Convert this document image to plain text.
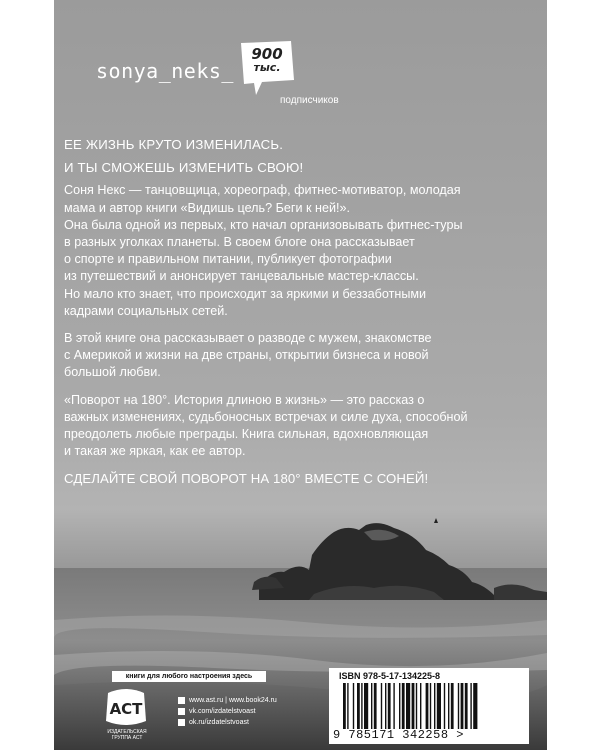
sonya_neks_
900
тыс.
подписчиков

ЕЕ ЖИЗНЬ КРУТО ИЗМЕНИЛАСЬ.

И ТЫ СМОЖЕШЬ ИЗМЕНИТЬ СВОЮ!

Соня Некс — танцовщица, хореограф, фитнес-мотиватор, молодая
мама и автор книги «Видишь цель? Беги к ней!».
Она была одной из первых, кто начал организовывать фитнес-туры
в разных уголках планеты. В своем блоге она рассказывает
о спорте и правильном питании, публикует фотографии
из путешествий и анонсирует танцевальные мастер-классы.
Но мало кто знает, что происходит за яркими и беззаботными
кадрами социальных сетей.

В этой книге она рассказывает о разводе с мужем, знакомстве
с Америкой и жизни на две страны, открытии бизнеса и новой
большой любви.

«Поворот на 180°. История длиною в жизнь» — это рассказ о
важных изменениях, судьбоносных встречах и силе духа, способной
преодолеть любые преграды. Книга сильная, вдохновляющая
и такая же яркая, как ее автор.

СДЕЛАЙТЕ СВОЙ ПОВОРОТ НА 180° ВМЕСТЕ С СОНЕЙ!

книги для любого настроения здесь
ACT
ИЗДАТЕЛЬСКАЯ ГРУППА АСТ
www.ast.ru | www.book24.ru
vk.com/izdatelstvoast
ok.ru/izdatelstvoast
ISBN 978-5-17-134225-8
9 785171 342258 >
